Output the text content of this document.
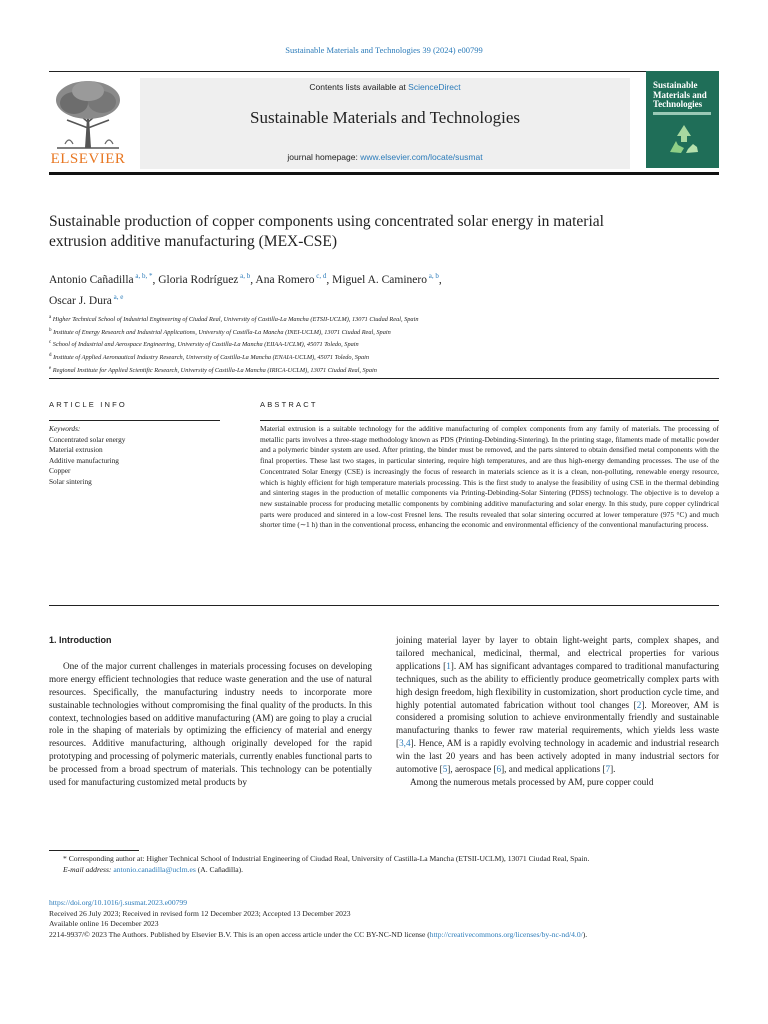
Sustainable Materials and Technologies 39 (2024) e00799
ELSEVIER
Contents lists available at ScienceDirect
Sustainable Materials and Technologies
journal homepage: www.elsevier.com/locate/susmat
Sustainable Materials and Technologies
Sustainable production of copper components using concentrated solar energy in material extrusion additive manufacturing (MEX-CSE)
Antonio Cañadilla $^{a, b, *}$, Gloria Rodríguez $^{a, b}$, Ana Romero $^{c, d}$, Miguel A. Caminero $^{a, b}$,
Oscar J. Dura $^{a, e}$
$^a$ Higher Technical School of Industrial Engineering of Ciudad Real, University of Castilla-La Mancha (ETSII-UCLM), 13071 Ciudad Real, Spain
$^b$ Institute of Energy Research and Industrial Applications, University of Castilla-La Mancha (INEI-UCLM), 13071 Ciudad Real, Spain
$^c$ School of Industrial and Aerospace Engineering, University of Castilla-La Mancha (EIIAA-UCLM), 45071 Toledo, Spain
$^d$ Institute of Applied Aeronautical Industry Research, University of Castilla-La Mancha (ENAIA-UCLM), 45071 Toledo, Spain
$^e$ Regional Institute for Applied Scientific Research, University of Castilla-La Mancha (IRICA-UCLM), 13071 Ciudad Real, Spain
ARTICLE INFO	ABSTRACT
Keywords:
Concentrated solar energy
Material extrusion
Additive manufacturing
Copper
Solar sintering
Material extrusion is a suitable technology for the additive manufacturing of complex components from any family of materials. The processing of metallic parts involves a three-stage methodology known as PDS (Printing-Debinding-Sintering). In the printing stage, filaments made of metallic powder and a polymeric binder system are used. After printing, the binder must be removed, and the parts sintered to obtain densified metal components with the final properties. These last two stages, in particular sintering, require high temperatures, and are thus high-energy demanding processes. The use of the Concentrated Solar Energy (CSE) is increasingly the focus of research in materials science as it is a clean, non-polluting, renewable energy resource, which is highly efficient for high temperature materials processing. This is the first study to analyse the feasibility of using CSE in the thermal debinding and sintering stages in the production of metallic components via Printing-Debinding-Solar Sintering (PDSS) technology. The objective is to develop a new sustainable process for producing metallic components by combining additive manufacturing and solar energy. In this study, pure copper cylindrical parts were produced and sintered in a low-cost Fresnel lens. The results revealed that solar sintering occurred at lower temperature (975 °C) and much shorter time (∼1 h) than in the conventional process, enhancing the economic and environmental efficiency of the conventional manufacturing process.
1. Introduction
One of the major current challenges in materials processing focuses on developing more energy efficient technologies that reduce waste generation and the use of natural resources. Specifically, the manufacturing industry needs to incorporate more sustainable technologies without compromising the final quality of the products. In this context, technologies based on additive manufacturing (AM) are going to play a crucial role in the shaping of materials by optimizing the efficiency of material and energy resources. Additive manufacturing, although originally developed for the rapid prototyping and processing of polymeric materials, currently enables functional parts to be processed from a broad spectrum of materials. This technology can be potentially used for manufacturing customized metal products by
joining material layer by layer to obtain light-weight parts, complex shapes, and tailored mechanical, medicinal, thermal, and electrical properties for various applications [1]. AM has significant advantages compared to traditional manufacturing techniques, such as the ability to efficiently produce geometrically complex parts with high design freedom, high flexibility in customization, short production cycle time, and highly potential automated fabrication without tool changes [2]. Moreover, AM is considered a promising solution to achieve environmentally friendly and sustainable manufacturing thanks to fewer raw material requirements, which yields less waste [3,4]. Hence, AM is a rapidly evolving technology in academic and industrial research win the last 20 years and has been actively adopted in many industrial sectors for automotive [5], aerospace [6], and medical applications [7].
Among the numerous metals processed by AM, pure copper could
* Corresponding author at: Higher Technical School of Industrial Engineering of Ciudad Real, University of Castilla-La Mancha (ETSII-UCLM), 13071 Ciudad Real, Spain.
E-mail address: antonio.canadilla@uclm.es (A. Cañadilla).
https://doi.org/10.1016/j.susmat.2023.e00799
Received 26 July 2023; Received in revised form 12 December 2023; Accepted 13 December 2023
Available online 16 December 2023
2214-9937/© 2023 The Authors. Published by Elsevier B.V. This is an open access article under the CC BY-NC-ND license (http://creativecommons.org/licenses/by-nc-nd/4.0/).
